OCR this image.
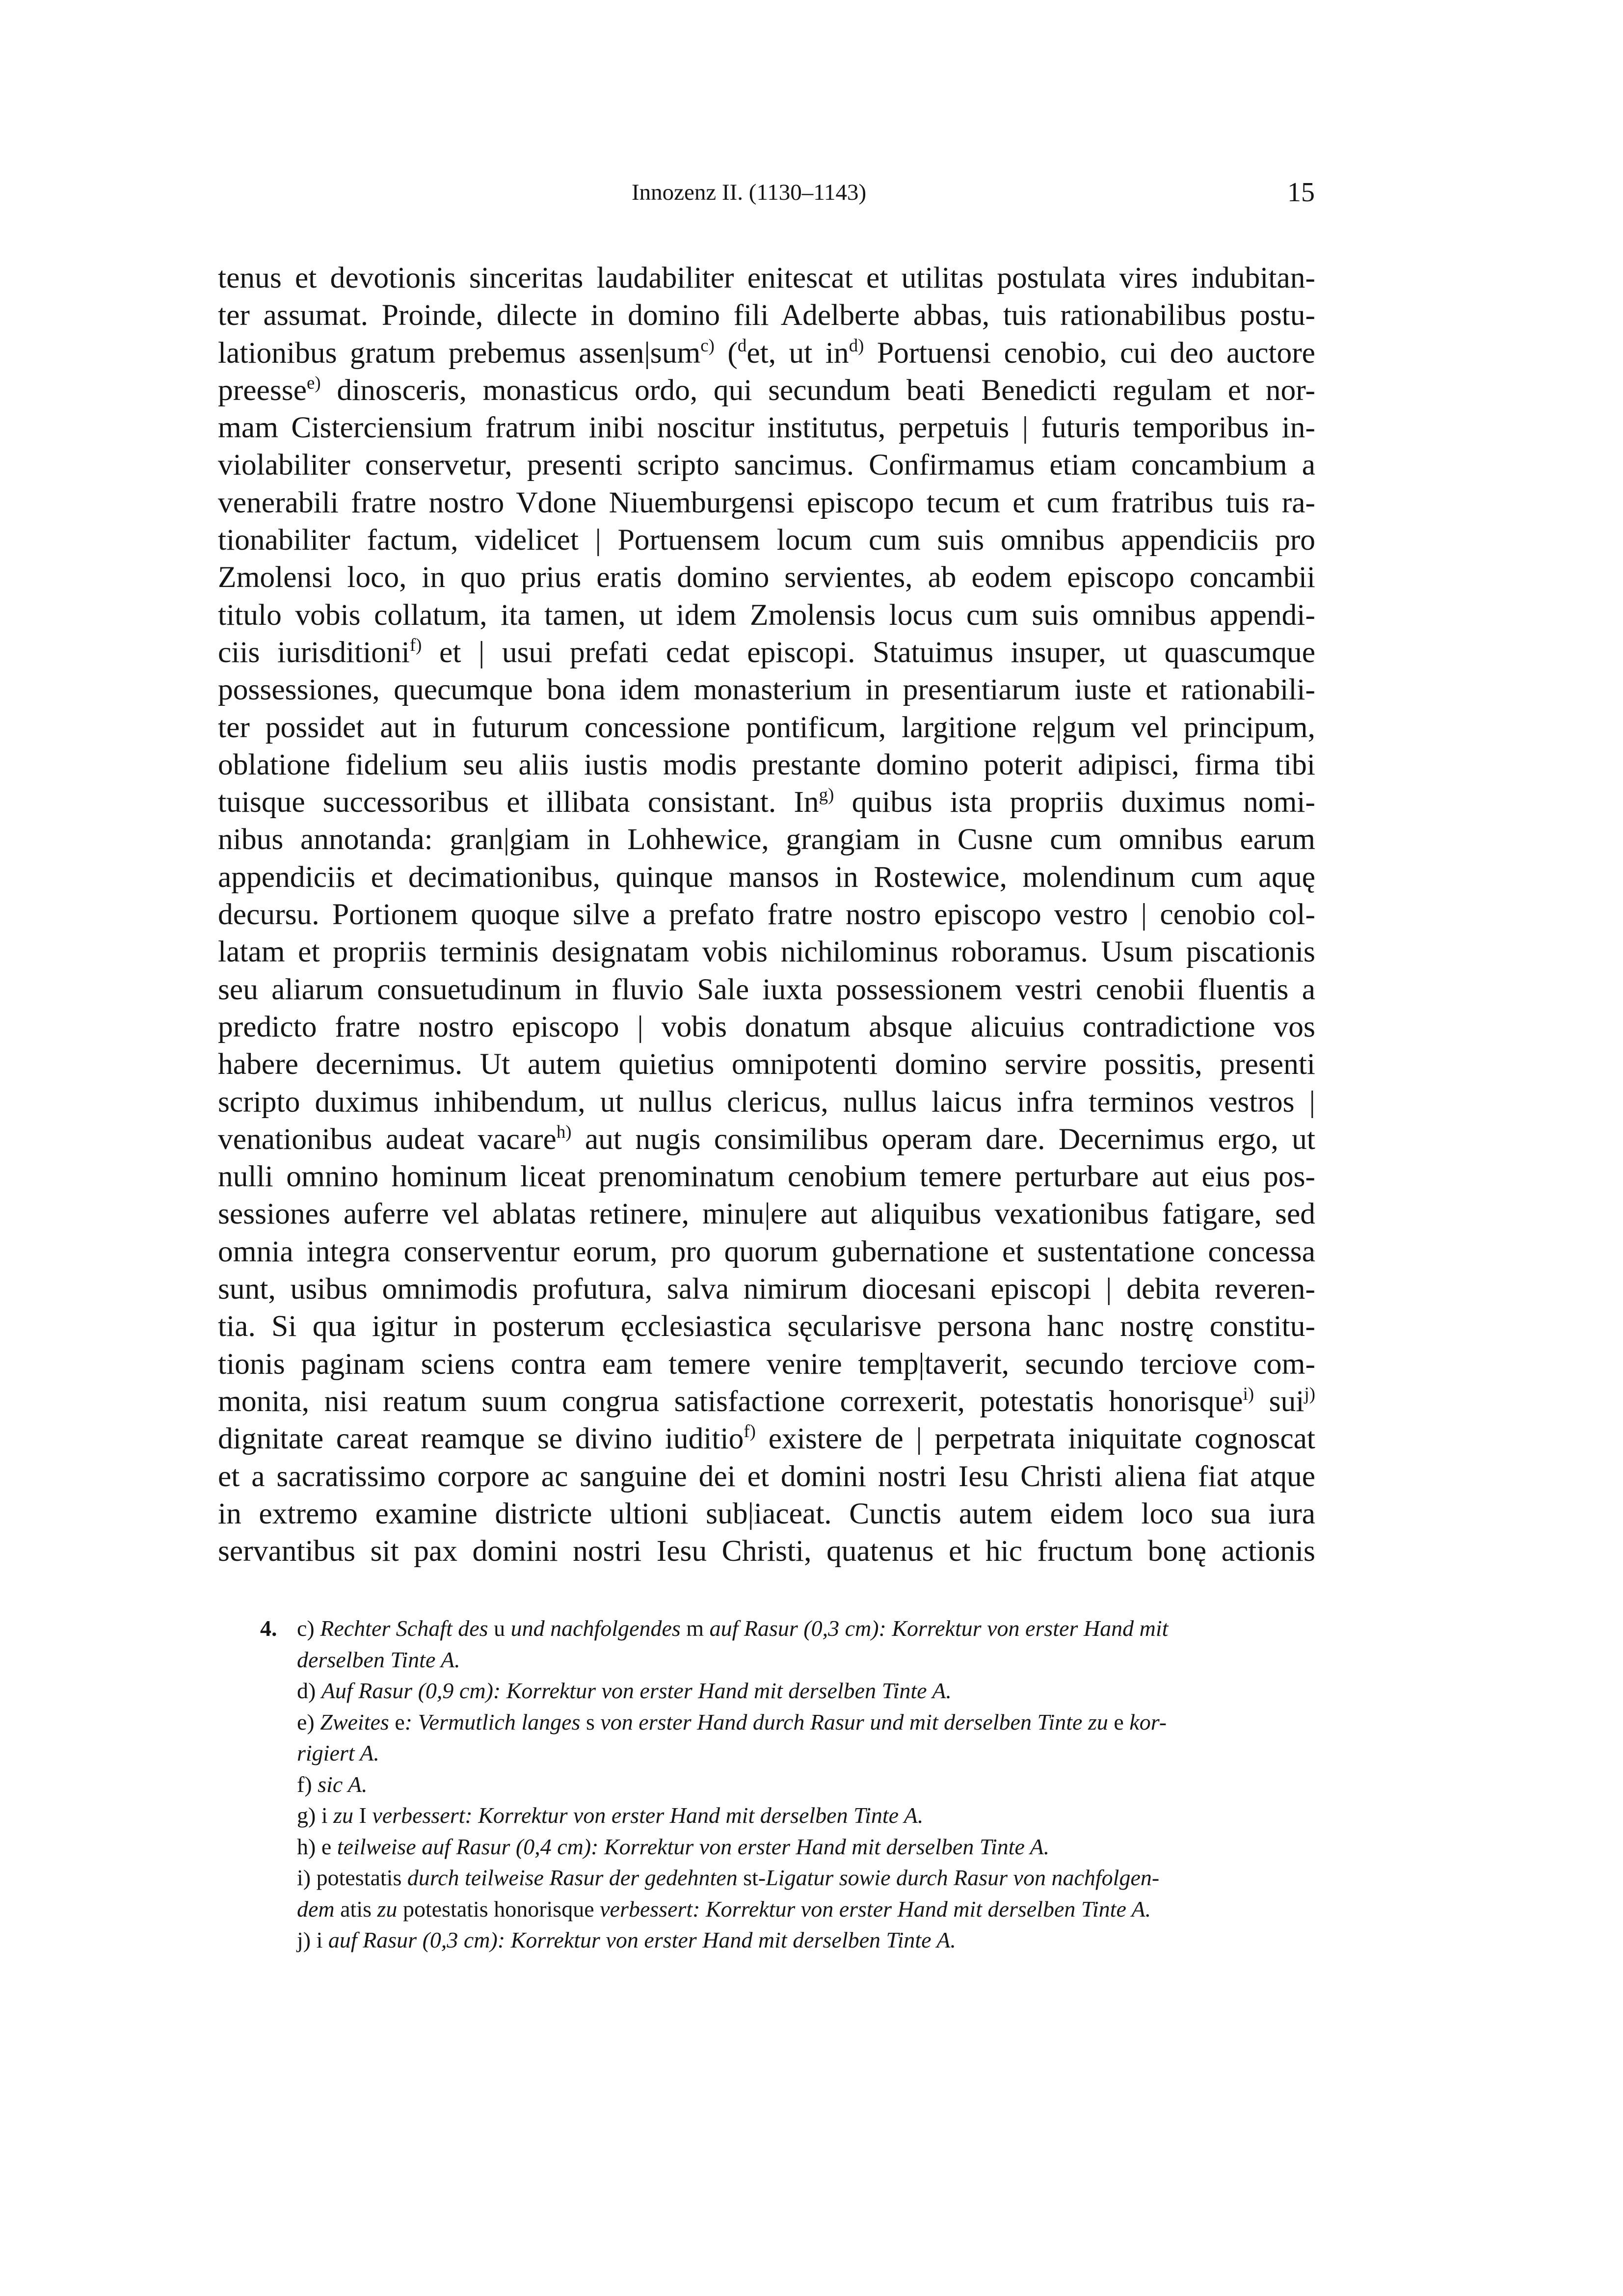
Innozenz II. (1130–1143)	15
tenus et devotionis sinceritas laudabiliter enitescat et utilitas postulata vires indubitan-
ter assumat. Proinde, dilecte in domino fili Adelberte abbas, tuis rationabilibus postu-
lationibus gratum prebemus assen|sum$^{c)}$ ($^d$et, ut $in^{d)}$ Portuensi cenobio, cui deo auctore
preesse$^{e)}$ dinosceris, monasticus ordo, qui secundum beati Benedicti regulam et nor-
mam Cisterciensium fratrum inibi noscitur institutus, perpetuis | futuris temporibus in-
violabiliter conservetur, presenti scripto sancimus. Confirmamus etiam concambium a
venerabili fratre nostro Vdone Niuemburgensi episcopo tecum et cum fratribus tuis ra-
tionabiliter factum, videlicet | Portuensem locum cum suis omnibus appendiciis pro
Zmolensi loco, in quo prius eratis domino servientes, ab eodem episcopo concambii
titulo vobis collatum, ita tamen, ut idem Zmolensis locus cum suis omnibus appendi-
ciis iurisditioni$^{f)}$ et | usui prefati cedat episcopi. Statuimus insuper, ut quascumque
possessiones, quecumque bona idem monasterium in presentiarum iuste et rationabili-
ter possidet aut in futurum concessione pontificum, largitione re|gum vel principum,
oblatione fidelium seu aliis iustis modis prestante domino poterit adipisci, firma tibi
tuisque successoribus et illibata consistant. In$^{g)}$ quibus ista propriis duximus nomi-
nibus annotanda: gran|giam in Lohhewice, grangiam in Cusne cum omnibus earum
appendiciis et decimationibus, quinque mansos in Rostewice, molendinum cum aquę
decursu. Portionem quoque silve a prefato fratre nostro episcopo vestro | cenobio col-
latam et propriis terminis designatam vobis nichilominus roboramus. Usum piscationis
seu aliarum consuetudinum in fluvio Sale iuxta possessionem vestri cenobii fluentis a
predicto fratre nostro episcopo | vobis donatum absque alicuius contradictione vos
habere decernimus. Ut autem quietius omnipotenti domino servire possitis, presenti
scripto duximus inhibendum, ut nullus clericus, nullus laicus infra terminos vestros |
venationibus audeat vacare$^{h)}$ aut nugis consimilibus operam dare. Decernimus ergo, ut
nulli omnino hominum liceat prenominatum cenobium temere perturbare aut eius pos-
sessiones auferre vel ablatas retinere, minu|ere aut aliquibus vexationibus fatigare, sed
omnia integra conserventur eorum, pro quorum gubernatione et sustentatione concessa
sunt, usibus omnimodis profutura, salva nimirum diocesani episcopi | debita reveren-
tia. Si qua igitur in posterum ęcclesiastica sęcularisve persona hanc nostrę constitu-
tionis paginam sciens contra eam temere venire temp|taverit, secundo terciove com-
monita, nisi reatum suum congrua satisfactione correxerit, potestatis honorisque$^{i)}$ sui$^{j)}$
dignitate careat reamque se divino iuditio$^{f)}$ existere de | perpetrata iniquitate cognoscat
et a sacratissimo corpore ac sanguine dei et domini nostri Iesu Christi aliena fiat atque
in extremo examine districte ultioni sub|iaceat. Cunctis autem eidem loco sua iura
servantibus sit pax domini nostri Iesu Christi, quatenus et hic fructum bonę actionis
4. c) Rechter Schaft des u und nachfolgendes m auf Rasur (0,3 cm): Korrektur von erster Hand mit
derselben Tinte A.
d) Auf Rasur (0,9 cm): Korrektur von erster Hand mit derselben Tinte A.
e) Zweites e: Vermutlich langes s von erster Hand durch Rasur und mit derselben Tinte zu e kor-
rigiert A.
f) sic A.
g) i zu I verbessert: Korrektur von erster Hand mit derselben Tinte A.
h) e teilweise auf Rasur (0,4 cm): Korrektur von erster Hand mit derselben Tinte A.
i) potestatis durch teilweise Rasur der gedehnten st-Ligatur sowie durch Rasur von nachfolgen-
dem atis zu potestatis honorisque verbessert: Korrektur von erster Hand mit derselben Tinte A.
j) i auf Rasur (0,3 cm): Korrektur von erster Hand mit derselben Tinte A.
